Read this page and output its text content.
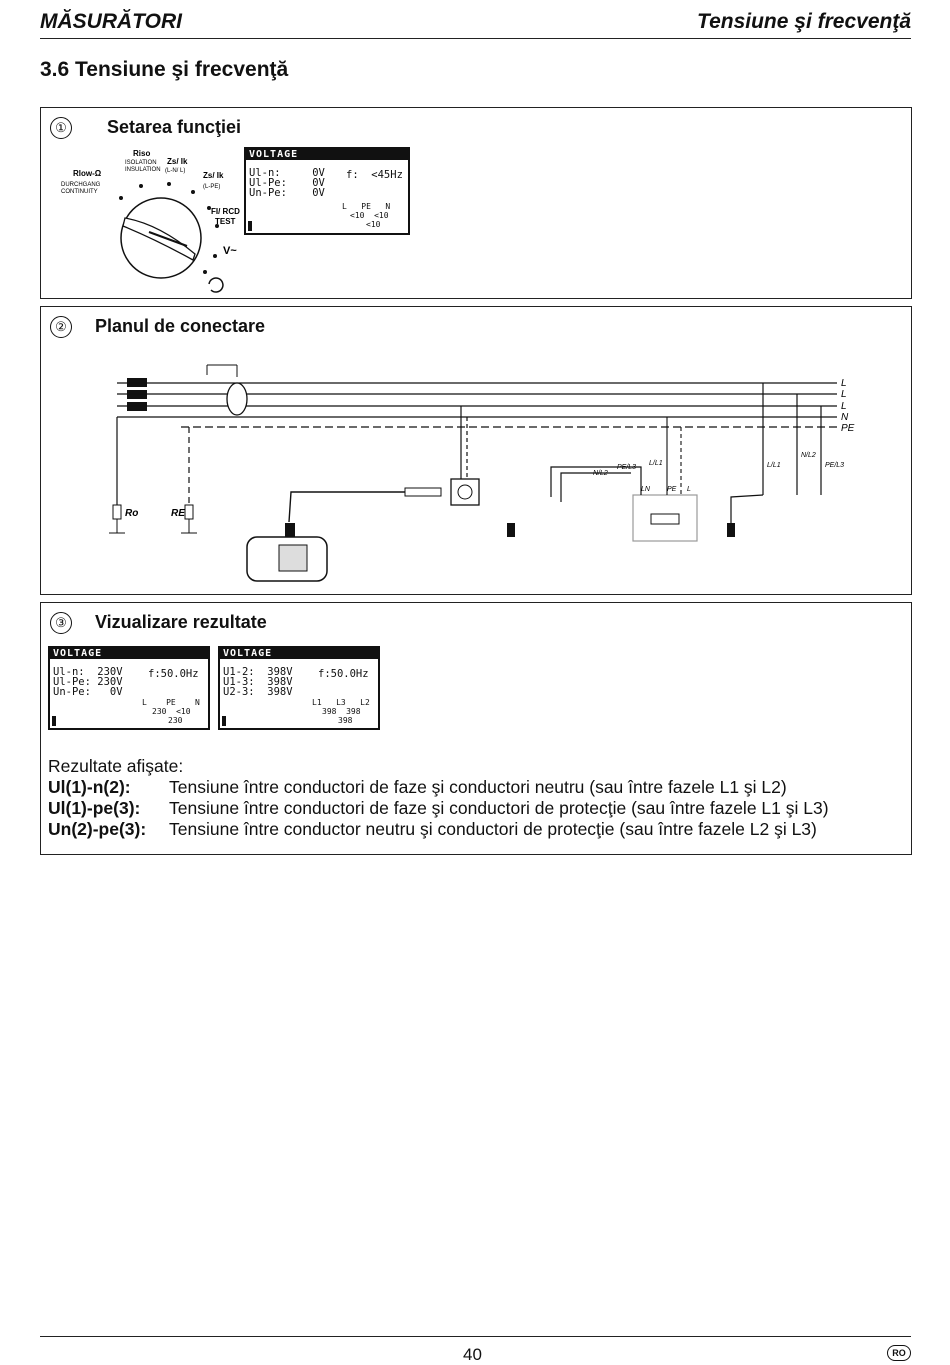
MĂSURĂTORI	Tensiune şi frecvenţă
3.6 Tensiune şi frecvenţă
① Setarea funcţiei
Riso
ISOLATION
INSULATION
Zs/ Ik
(L-N/ L)
Rlow-Ω
DURCHGANG
CONTINUITY
Zs/ Ik
(L-PE)
FI/ RCD
TEST
V~
VOLTAGE
Ul-n:     0V
Ul-Pe:    0V
Un-Pe:    0V
f:  <45Hz
L   PE   N
<10  <10
<10
② Planul de conectare
Ro	RE
N/L2
PE/L3
L/L1
LN PE L
L/L1
N/L2
PE/L3
L
L
L
N
PE
③ Vizualizare rezultate
VOLTAGE
Ul-n:  230V
Ul-Pe: 230V
Un-Pe:   0V
f:50.0Hz
L    PE    N
230  <10
230
VOLTAGE
U1-2:  398V
U1-3:  398V
U2-3:  398V
f:50.0Hz
L1   L3   L2
398  398
398
Rezultate afişate:
Ul(1)-n(2): Tensiune între conductori de faze şi conductori neutru (sau între fazele L1 şi L2)
Ul(1)-pe(3): Tensiune între conductori de faze şi conductori de protecţie (sau între fazele L1 şi L3)
Un(2)-pe(3): Tensiune între conductor neutru şi conductori de protecţie (sau între fazele L2 şi L3)
40	RO
